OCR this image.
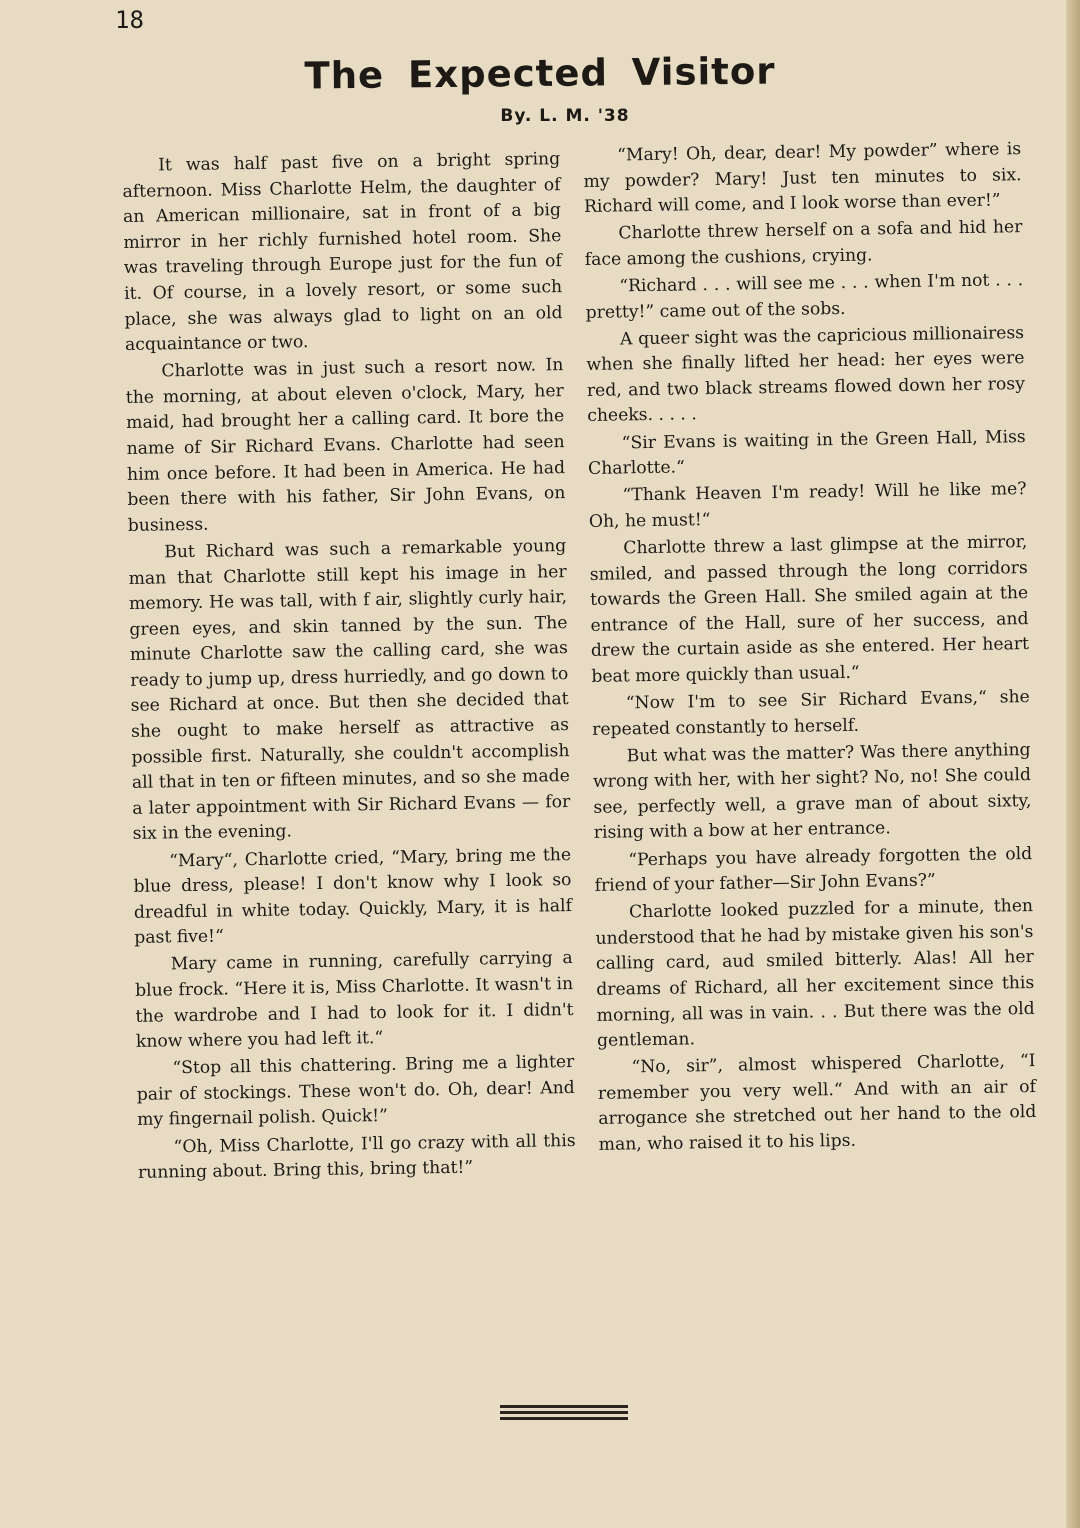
18
The Expected Visitor
By. L. M. '38

It was half past five on a bright spring afternoon. Miss Charlotte Helm, the daughter of an American millionaire, sat in front of a big mirror in her richly furnished hotel room. She was traveling through Europe just for the fun of it. Of course, in a lovely resort, or some such place, she was always glad to light on an old acquaintance or two.

Charlotte was in just such a resort now. In the morning, at about eleven o'clock, Mary, her maid, had brought her a calling card. It bore the name of Sir Richard Evans. Charlotte had seen him once before. It had been in America. He had been there with his father, Sir John Evans, on business.

But Richard was such a remarkable young man that Charlotte still kept his image in her memory. He was tall, with f air, slightly curly hair, green eyes, and skin tanned by the sun. The minute Charlotte saw the calling card, she was ready to jump up, dress hurriedly, and go down to see Richard at once. But then she decided that she ought to make herself as attractive as possible first. Naturally, she couldn't accomplish all that in ten or fifteen minutes, and so she made a later appointment with Sir Richard Evans — for six in the evening.

“Mary“, Charlotte cried, “Mary, bring me the blue dress, please! I don't know why I look so dreadful in white today. Quickly, Mary, it is half past five!“

Mary came in running, carefully carrying a blue frock. “Here it is, Miss Charlotte. It wasn't in the wardrobe and I had to look for it. I didn't know where you had left it.“

“Stop all this chattering. Bring me a lighter pair of stockings. These won't do. Oh, dear! And my fingernail polish. Quick!”

“Oh, Miss Charlotte, I'll go crazy with all this running about. Bring this, bring that!”

“Mary! Oh, dear, dear! My powder” where is my powder? Mary! Just ten minutes to six. Richard will come, and I look worse than ever!”

Charlotte threw herself on a sofa and hid her face among the cushions, crying.

“Richard . . . will see me . . . when I'm not . . . pretty!” came out of the sobs.

A queer sight was the capricious millionairess when she finally lifted her head: her eyes were red, and two black streams flowed down her rosy cheeks. . . . .

“Sir Evans is waiting in the Green Hall, Miss Charlotte.“

“Thank Heaven I'm ready! Will he like me? Oh, he must!“

Charlotte threw a last glimpse at the mirror, smiled, and passed through the long corridors towards the Green Hall. She smiled again at the entrance of the Hall, sure of her success, and drew the curtain aside as she entered. Her heart beat more quickly than usual.“

“Now I'm to see Sir Richard Evans,“ she repeated constantly to herself.

But what was the matter? Was there anything wrong with her, with her sight? No, no! She could see, perfectly well, a grave man of about sixty, rising with a bow at her entrance.

“Perhaps you have already forgotten the old friend of your father—Sir John Evans?”

Charlotte looked puzzled for a minute, then understood that he had by mistake given his son's calling card, aud smiled bitterly. Alas! All her dreams of Richard, all her excitement since this morning, all was in vain. . . But there was the old gentleman.

“No, sir”, almost whispered Charlotte, “I remember you very well.“ And with an air of arrogance she stretched out her hand to the old man, who raised it to his lips.
